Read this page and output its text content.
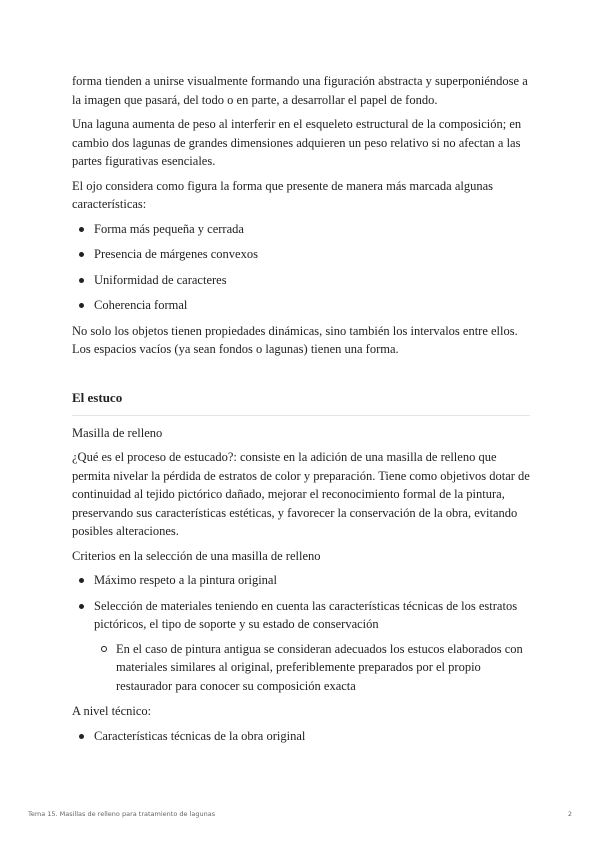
forma tienden a unirse visualmente formando una figuración abstracta y superponiéndose a la imagen que pasará, del todo o en parte, a desarrollar el papel de fondo.

Una laguna aumenta de peso al interferir en el esqueleto estructural de la composición; en cambio dos lagunas de grandes dimensiones adquieren un peso relativo si no afectan a las partes figurativas esenciales.

El ojo considera como figura la forma que presente de manera más marcada algunas características:

Forma más pequeña y cerrada
Presencia de márgenes convexos
Uniformidad de caracteres
Coherencia formal

No solo los objetos tienen propiedades dinámicas, sino también los intervalos entre ellos. Los espacios vacíos (ya sean fondos o lagunas) tienen una forma.

El estuco

Masilla de relleno

¿Qué es el proceso de estucado?: consiste en la adición de una masilla de relleno que permita nivelar la pérdida de estratos de color y preparación. Tiene como objetivos dotar de continuidad al tejido pictórico dañado, mejorar el reconocimiento formal de la pintura, preservando sus características estéticas, y favorecer la conservación de la obra, evitando posibles alteraciones.

Criterios en la selección de una masilla de relleno

Máximo respeto a la pintura original
Selección de materiales teniendo en cuenta las características técnicas de los estratos pictóricos, el tipo de soporte y su estado de conservación
En el caso de pintura antigua se consideran adecuados los estucos elaborados con materiales similares al original, preferiblemente preparados por el propio restaurador para conocer su composición exacta

A nivel técnico:

Características técnicas de la obra original
Tema 15. Masillas de relleno para tratamiento de lagunas	2
